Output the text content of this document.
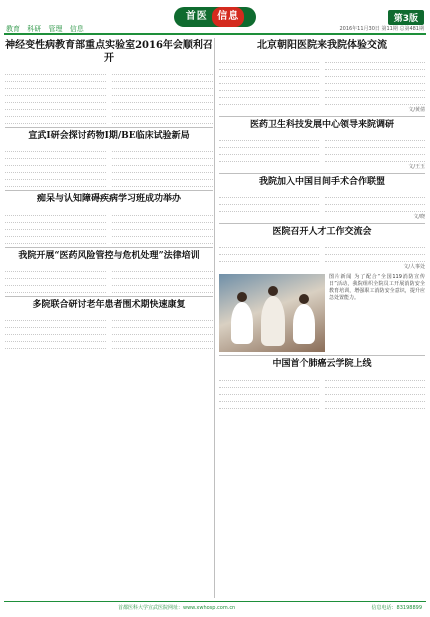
教育 科研 管理 信息
首医 信息	第3版
2016年11月30日 第11期 总第481期
神经变性病教育部重点实验室2016年会顺利召开
宣武Ⅰ研会探讨药物Ⅰ期/BE临床试验新局
痴呆与认知障碍疾病学习班成功举办
我院开展“医药风险管控与危机处理”法律培训
多院联合研讨老年患者围术期快速康复
北京朝阳医院来我院体验交流
文/黄倩
医药卫生科技发展中心领导来院调研
文/王玉
我院加入中国目间手术合作联盟
文/晓
医院召开人才工作交流会
文/人事处
图片新闻 为了配合“全国119消防宣传日”活动，我院组织全院员工开展消防安全教育培训，增强职工消防安全意识，提升应急处置能力。
中国首个肺癌云学院上线
首都医科大学宣武医院网址：www.xwhosp.com.cn	信息电话：83198899
